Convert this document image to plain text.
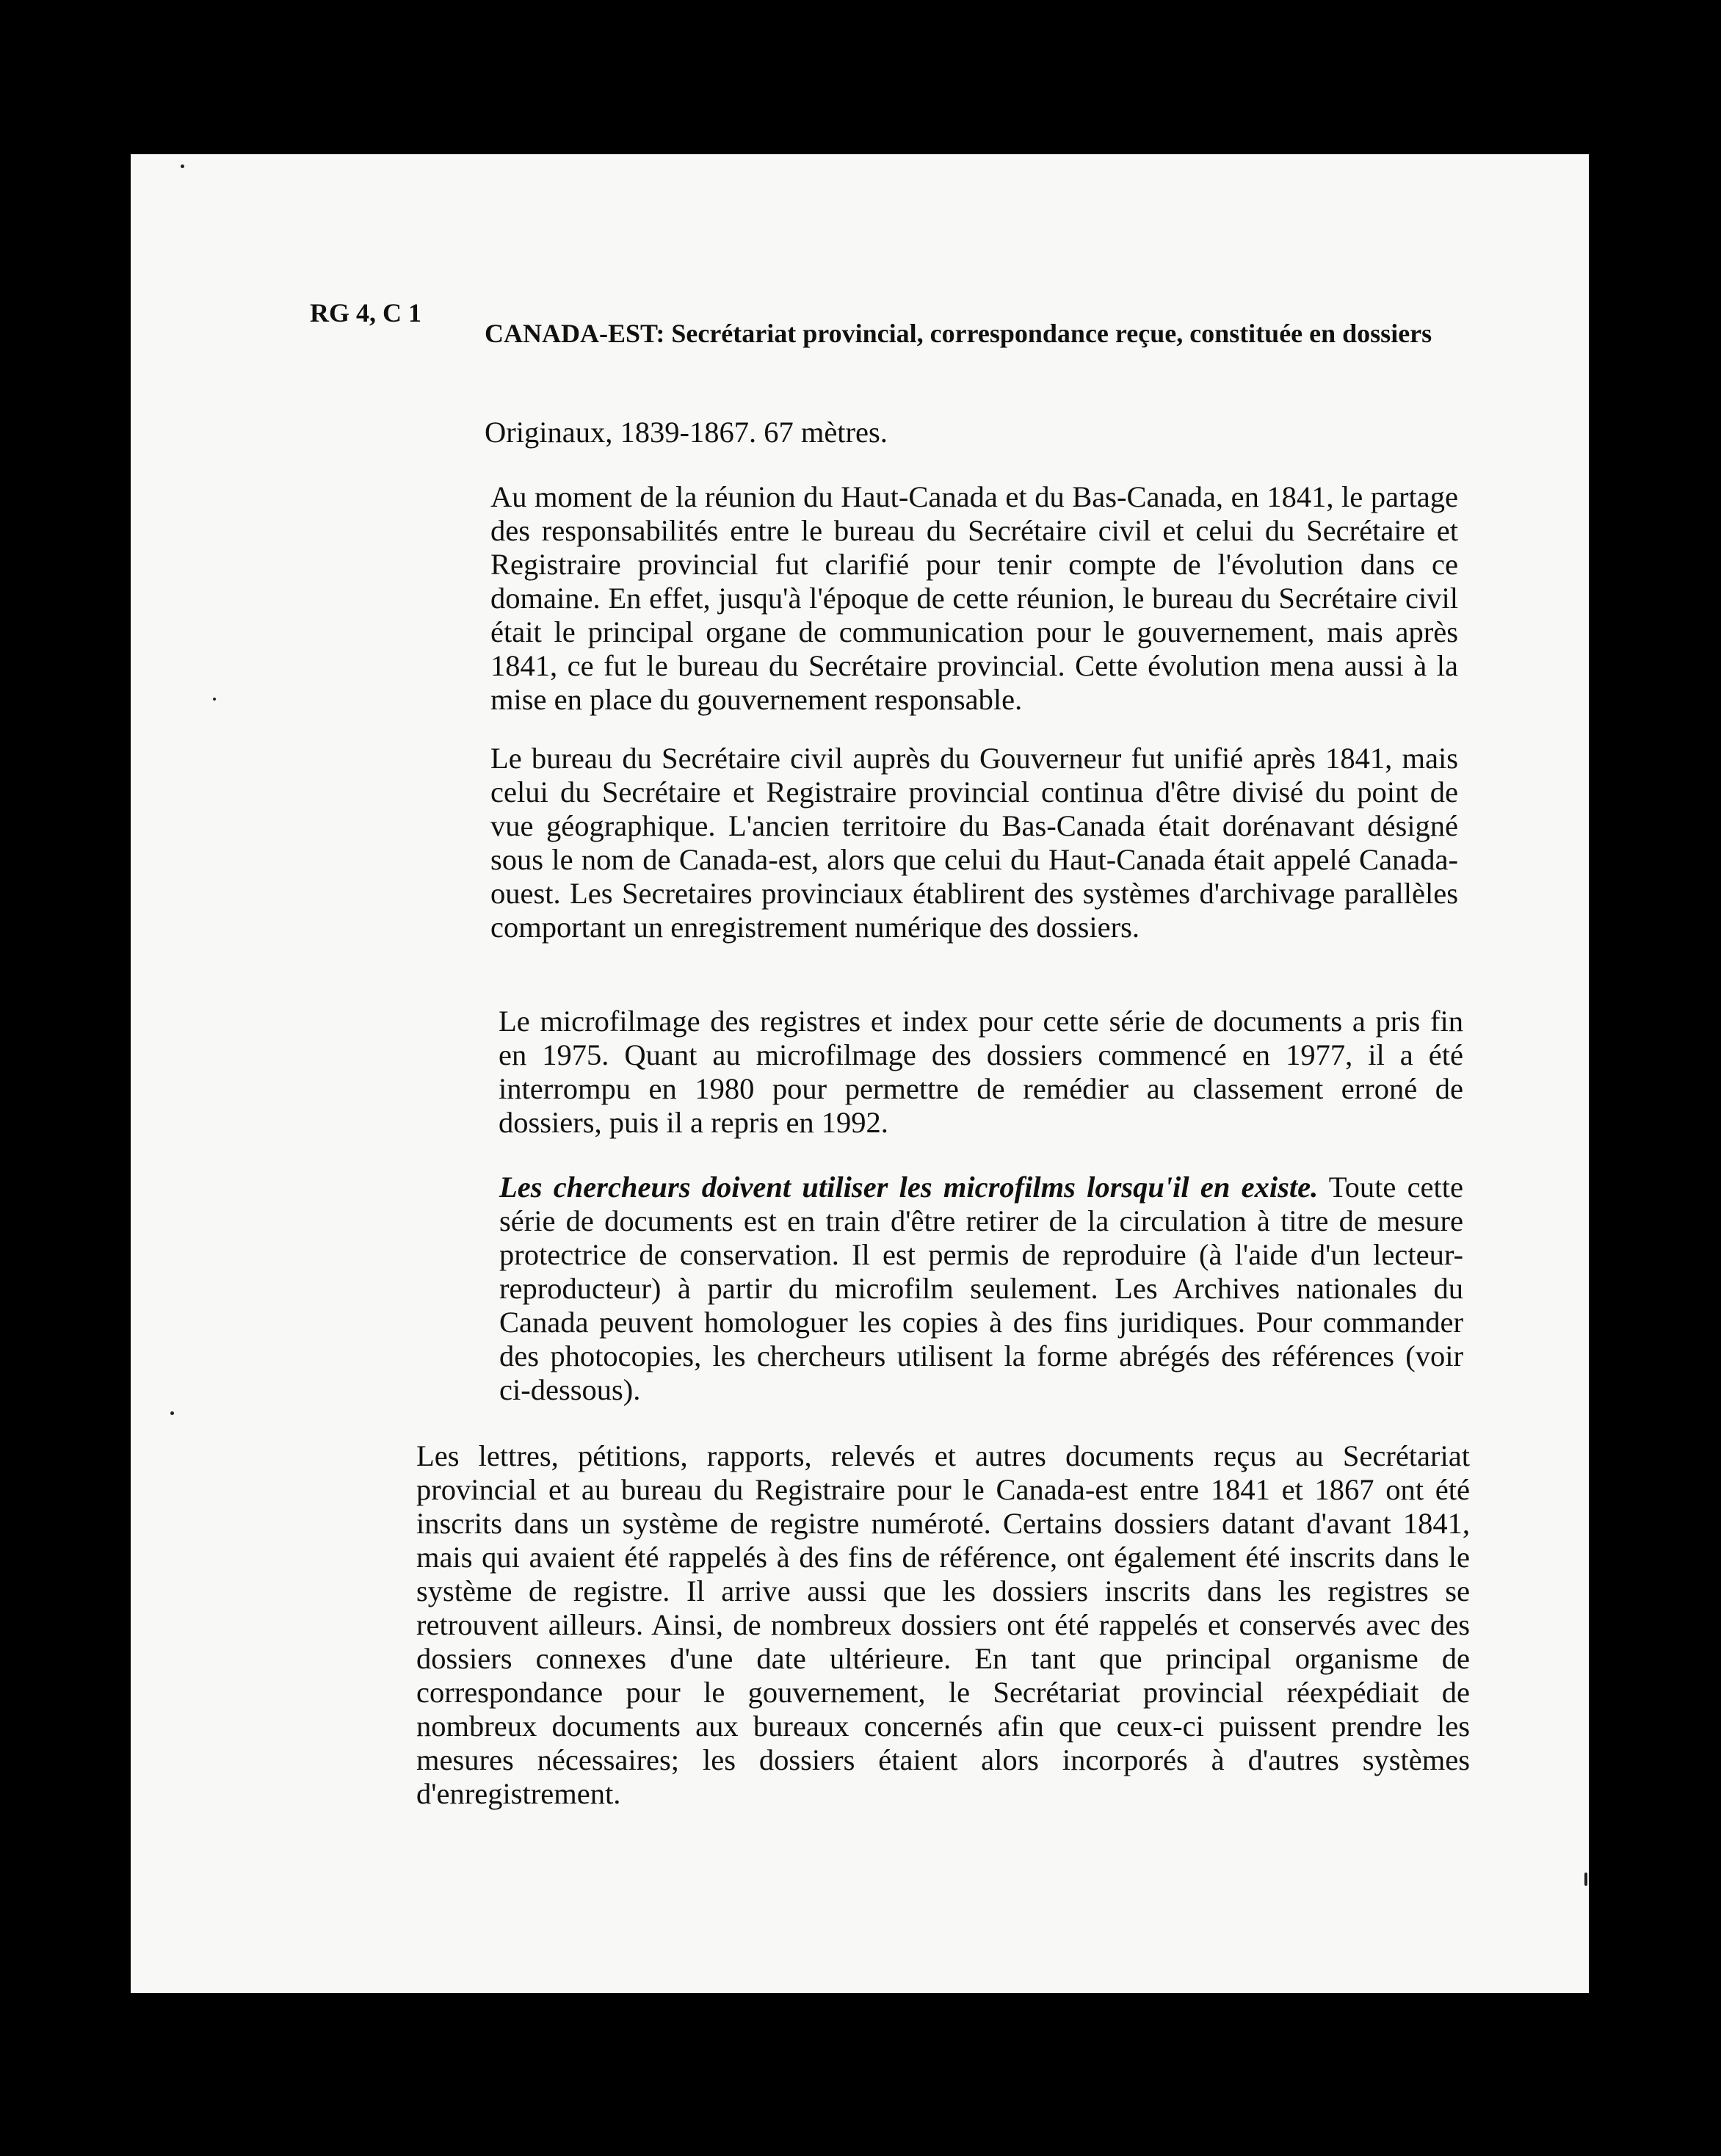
RG 4, C 1

CANADA-EST: Secrétariat provincial, correspondance reçue, constituée en dossiers

Originaux, 1839-1867. 67 mètres.

Au moment de la réunion du Haut-Canada et du Bas-Canada, en 1841, le partage des responsabilités entre le bureau du Secrétaire civil et celui du Secrétaire et Registraire provincial fut clarifié pour tenir compte de l'évolution dans ce domaine. En effet, jusqu'à l'époque de cette réunion, le bureau du Secrétaire civil était le principal organe de communication pour le gouvernement, mais après 1841, ce fut le bureau du Secrétaire provincial. Cette évolution mena aussi à la mise en place du gouvernement responsable.

Le bureau du Secrétaire civil auprès du Gouverneur fut unifié après 1841, mais celui du Secrétaire et Registraire provincial continua d'être divisé du point de vue géographique. L'ancien territoire du Bas-Canada était dorénavant désigné sous le nom de Canada-est, alors que celui du Haut-Canada était appelé Canada-ouest. Les Secretaires provinciaux établirent des systèmes d'archivage parallèles comportant un enregistrement numérique des dossiers.

Le microfilmage des registres et index pour cette série de documents a pris fin en 1975. Quant au microfilmage des dossiers commencé en 1977, il a été interrompu en 1980 pour permettre de remédier au classement erroné de dossiers, puis il a repris en 1992.

Les chercheurs doivent utiliser les microfilms lorsqu'il en existe. Toute cette série de documents est en train d'être retirer de la circulation à titre de mesure protectrice de conservation. Il est permis de reproduire (à l'aide d'un lecteur-reproducteur) à partir du microfilm seulement. Les Archives nationales du Canada peuvent homologuer les copies à des fins juridiques. Pour commander des photocopies, les chercheurs utilisent la forme abrégés des références (voir ci-dessous).

Les lettres, pétitions, rapports, relevés et autres documents reçus au Secrétariat provincial et au bureau du Registraire pour le Canada-est entre 1841 et 1867 ont été inscrits dans un système de registre numéroté. Certains dossiers datant d'avant 1841, mais qui avaient été rappelés à des fins de référence, ont également été inscrits dans le système de registre. Il arrive aussi que les dossiers inscrits dans les registres se retrouvent ailleurs. Ainsi, de nombreux dossiers ont été rappelés et conservés avec des dossiers connexes d'une date ultérieure. En tant que principal organisme de correspondance pour le gouvernement, le Secrétariat provincial réexpédiait de nombreux documents aux bureaux concernés afin que ceux-ci puissent prendre les mesures nécessaires; les dossiers étaient alors incorporés à d'autres systèmes d'enregistrement.
